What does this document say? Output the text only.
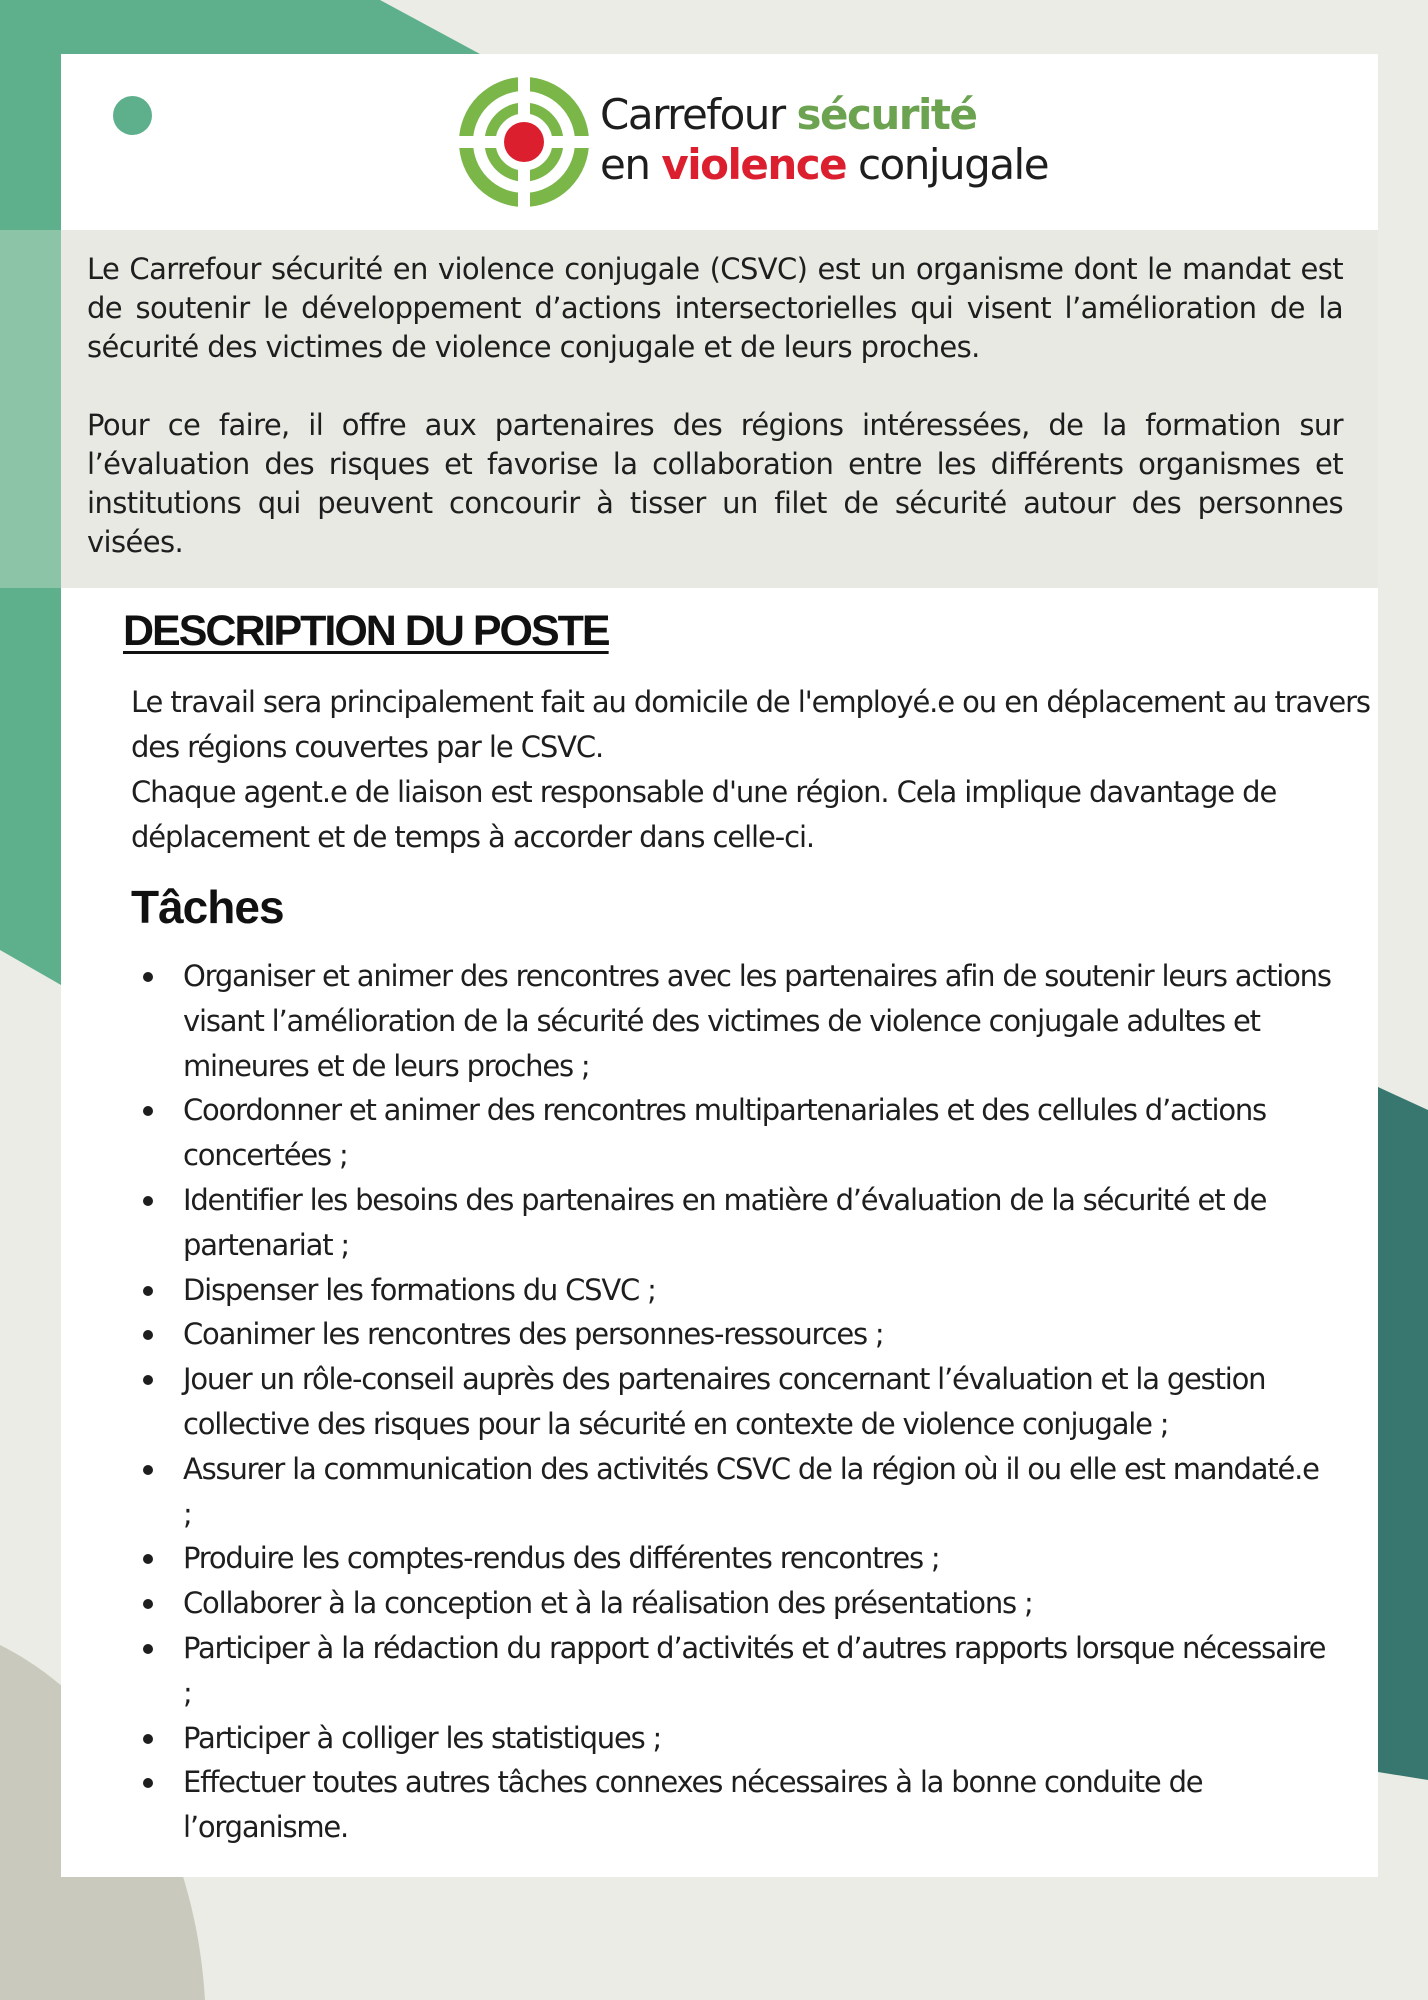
Carrefour sécurité
en violence conjugale

Le Carrefour sécurité en violence conjugale (CSVC) est un organisme dont le mandat est de soutenir le développement d’actions intersectorielles qui visent l’amélioration de la sécurité des victimes de violence conjugale et de leurs proches.

Pour ce faire, il offre aux partenaires des régions intéressées, de la formation sur l’évaluation des risques et favorise la collaboration entre les différents organismes et institutions qui peuvent concourir à tisser un filet de sécurité autour des personnes visées.

DESCRIPTION DU POSTE

Le travail sera principalement fait au domicile de l'employé.e ou en déplacement au travers des régions couvertes par le CSVC.

Chaque agent.e de liaison est responsable d'une région. Cela implique davantage de déplacement et de temps à accorder dans celle-ci.

Tâches
Organiser et animer des rencontres avec les partenaires afin de soutenir leurs actions visant l’amélioration de la sécurité des victimes de violence conjugale adultes et mineures et de leurs proches ;
Coordonner et animer des rencontres multipartenariales et des cellules d’actions concertées ;
Identifier les besoins des partenaires en matière d’évaluation de la sécurité et de partenariat ;
Dispenser les formations du CSVC ;
Coanimer les rencontres des personnes-ressources ;
Jouer un rôle-conseil auprès des partenaires concernant l’évaluation et la gestion collective des risques pour la sécurité en contexte de violence conjugale ;
Assurer la communication des activités CSVC de la région où il ou elle est mandaté.e ;
Produire les comptes-rendus des différentes rencontres ;
Collaborer à la conception et à la réalisation des présentations ;
Participer à la rédaction du rapport d’activités et d’autres rapports lorsque nécessaire ;
Participer à colliger les statistiques ;
Effectuer toutes autres tâches connexes nécessaires à la bonne conduite de l’organisme.
